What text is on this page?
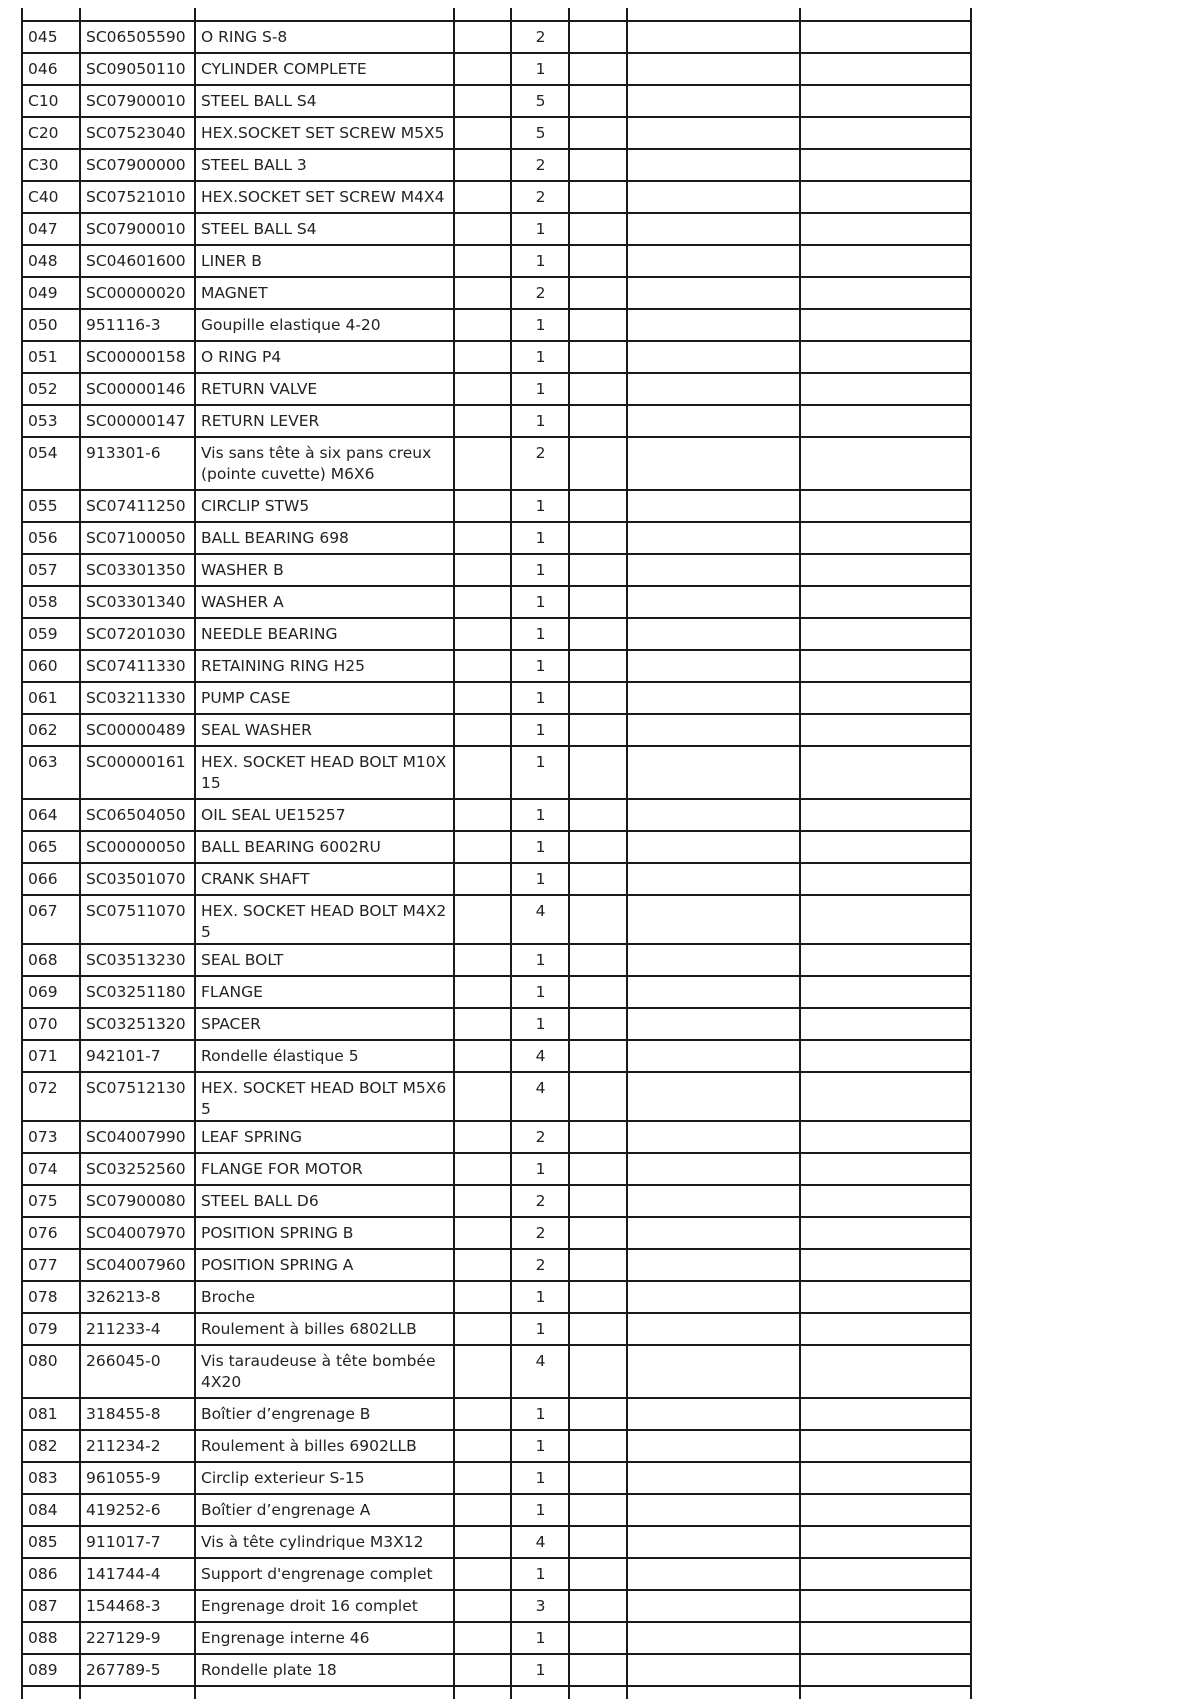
045	SC06505590	O RING S-8		2			
046	SC09050110	CYLINDER COMPLETE		1			
C10	SC07900010	STEEL BALL S4		5			
C20	SC07523040	HEX.SOCKET SET SCREW M5X5		5			
C30	SC07900000	STEEL BALL 3		2			
C40	SC07521010	HEX.SOCKET SET SCREW M4X4		2			
047	SC07900010	STEEL BALL S4		1			
048	SC04601600	LINER B		1			
049	SC00000020	MAGNET		2			
050	951116-3	Goupille elastique 4-20		1			
051	SC00000158	O RING P4		1			
052	SC00000146	RETURN VALVE		1			
053	SC00000147	RETURN LEVER		1			
054	913301-6	Vis sans tête à six pans creux (pointe cuvette) M6X6		2			
055	SC07411250	CIRCLIP STW5		1			
056	SC07100050	BALL BEARING 698		1			
057	SC03301350	WASHER B		1			
058	SC03301340	WASHER A		1			
059	SC07201030	NEEDLE BEARING		1			
060	SC07411330	RETAINING RING H25		1			
061	SC03211330	PUMP CASE		1			
062	SC00000489	SEAL WASHER		1			
063	SC00000161	HEX. SOCKET HEAD BOLT M10X15		1			
064	SC06504050	OIL SEAL UE15257		1			
065	SC00000050	BALL BEARING 6002RU		1			
066	SC03501070	CRANK SHAFT		1			
067	SC07511070	HEX. SOCKET HEAD BOLT M4X25		4			
068	SC03513230	SEAL BOLT		1			
069	SC03251180	FLANGE		1			
070	SC03251320	SPACER		1			
071	942101-7	Rondelle élastique 5		4			
072	SC07512130	HEX. SOCKET HEAD BOLT M5X65		4			
073	SC04007990	LEAF SPRING		2			
074	SC03252560	FLANGE FOR MOTOR		1			
075	SC07900080	STEEL BALL D6		2			
076	SC04007970	POSITION SPRING B		2			
077	SC04007960	POSITION SPRING A		2			
078	326213-8	Broche		1			
079	211233-4	Roulement à billes 6802LLB		1			
080	266045-0	Vis taraudeuse à tête bombée 4X20		4			
081	318455-8	Boîtier d’engrenage B		1			
082	211234-2	Roulement à billes 6902LLB		1			
083	961055-9	Circlip exterieur S-15		1			
084	419252-6	Boîtier d’engrenage A		1			
085	911017-7	Vis à tête cylindrique M3X12		4			
086	141744-4	Support d'engrenage complet		1			
087	154468-3	Engrenage droit 16 complet		3			
088	227129-9	Engrenage interne 46		1			
089	267789-5	Rondelle plate 18		1			
